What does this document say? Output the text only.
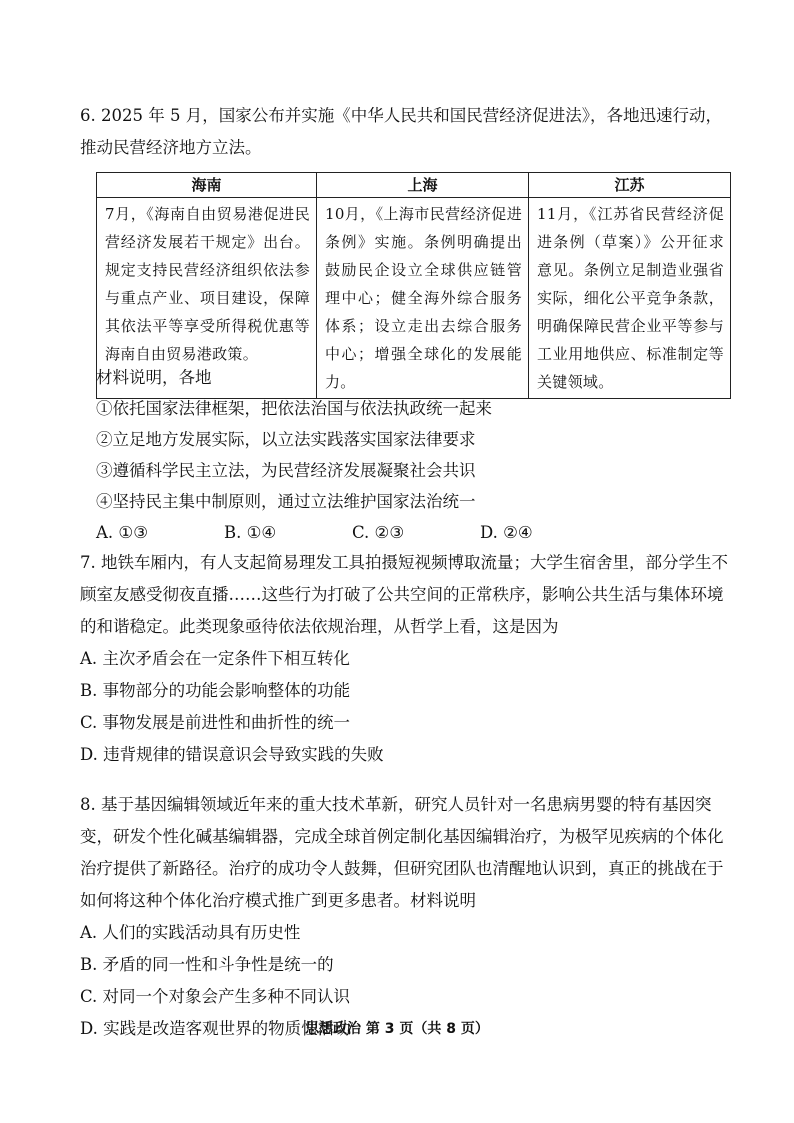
6. 2025 年 5 月，国家公布并实施《中华人民共和国民营经济促进法》，各地迅速行动，推动民营经济地方立法。
海南	上海	江苏
7月，《海南自由贸易港促进民营经济发展若干规定》出台。规定支持民营经济组织依法参与重点产业、项目建设，保障其依法平等享受所得税优惠等海南自由贸易港政策。	10月，《上海市民营经济促进条例》实施。条例明确提出鼓励民企设立全球供应链管理中心；健全海外综合服务体系；设立走出去综合服务中心；增强全球化的发展能力。	11月，《江苏省民营经济促进条例（草案）》公开征求意见。条例立足制造业强省实际，细化公平竞争条款，明确保障民营企业平等参与工业用地供应、标准制定等关键领域。
材料说明，各地
①依托国家法律框架，把依法治国与依法执政统一起来
②立足地方发展实际，以立法实践落实国家法律要求
③遵循科学民主立法，为民营经济发展凝聚社会共识
④坚持民主集中制原则，通过立法维护国家法治统一
A. ①③	B. ①④	C. ②③	D. ②④
7. 地铁车厢内，有人支起简易理发工具拍摄短视频博取流量；大学生宿舍里，部分学生不顾室友感受彻夜直播……这些行为打破了公共空间的正常秩序，影响公共生活与集体环境的和谐稳定。此类现象亟待依法依规治理，从哲学上看，这是因为
A. 主次矛盾会在一定条件下相互转化
B. 事物部分的功能会影响整体的功能
C. 事物发展是前进性和曲折性的统一
D. 违背规律的错误意识会导致实践的失败
8. 基于基因编辑领域近年来的重大技术革新，研究人员针对一名患病男婴的特有基因突变，研发个性化碱基编辑器，完成全球首例定制化基因编辑治疗，为极罕见疾病的个体化治疗提供了新路径。治疗的成功令人鼓舞，但研究团队也清醒地认识到，真正的挑战在于如何将这种个体化治疗模式推广到更多患者。材料说明
A. 人们的实践活动具有历史性
B. 矛盾的同一性和斗争性是统一的
C. 对同一个对象会产生多种不同认识
D. 实践是改造客观世界的物质性活动
思想政治 第 3 页（共 8 页）
